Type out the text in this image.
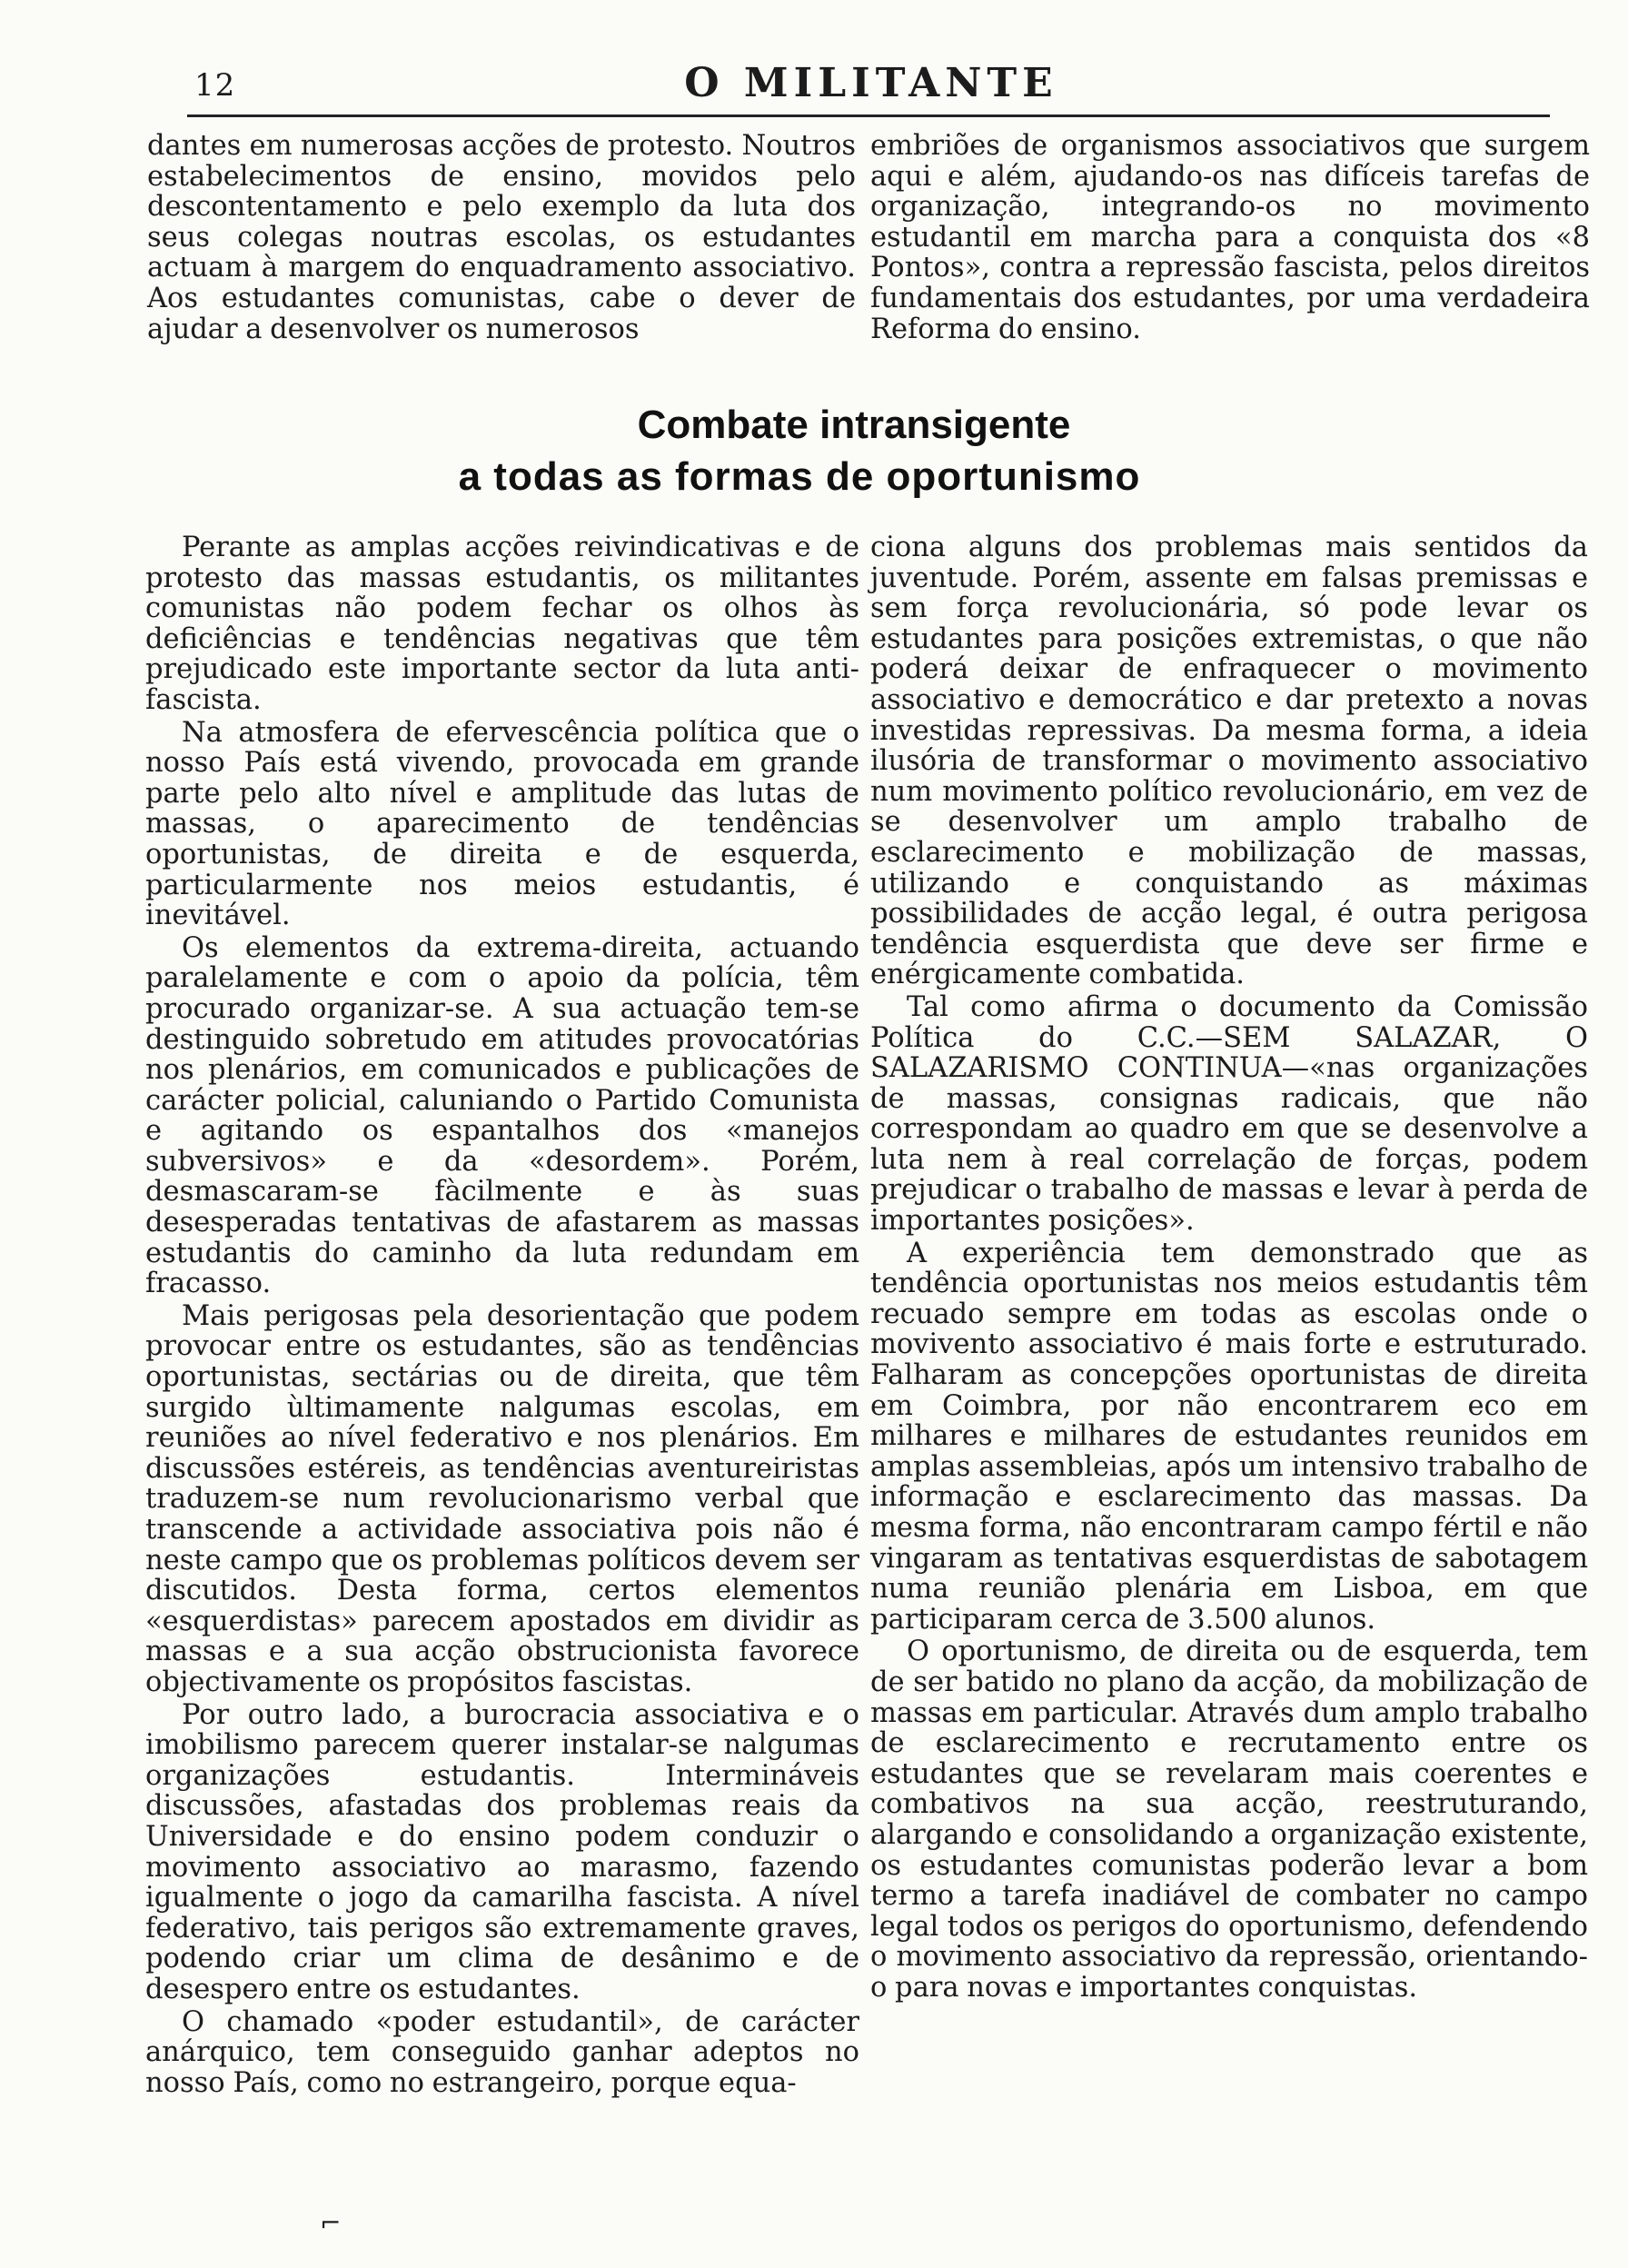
12	O MILITANTE

dantes em numerosas acções de protesto. Noutros estabelecimentos de ensino, movidos pelo descontentamento e pelo exemplo da luta dos seus colegas noutras escolas, os estudantes actuam à margem do enquadramento associativo. Aos estudantes comunistas, cabe o dever de ajudar a desenvolver os numerosos

embriões de organismos associativos que surgem aqui e além, ajudando-os nas difíceis tarefas de organização, integrando-os no movimento estudantil em marcha para a conquista dos «8 Pontos», contra a repressão fascista, pelos direitos fundamentais dos estudantes, por uma verdadeira Reforma do ensino.

Combate intransigente
a todas as formas de oportunismo

Perante as amplas acções reivindicativas e de protesto das massas estudantis, os militantes comunistas não podem fechar os olhos às deficiências e tendências negativas que têm prejudicado este importante sector da luta anti-fascista.

Na atmosfera de efervescência política que o nosso País está vivendo, provocada em grande parte pelo alto nível e amplitude das lutas de massas, o aparecimento de tendências oportunistas, de direita e de esquerda, particularmente nos meios estudantis, é inevitável.

Os elementos da extrema-direita, actuando paralelamente e com o apoio da polícia, têm procurado organizar-se. A sua actuação tem-se destinguido sobretudo em atitudes provocatórias nos plenários, em comunicados e publicações de carácter policial, caluniando o Partido Comunista e agitando os espantalhos dos «manejos subversivos» e da «desordem». Porém, desmascaram-se fàcilmente e às suas desesperadas tentativas de afastarem as massas estudantis do caminho da luta redundam em fracasso.

Mais perigosas pela desorientação que podem provocar entre os estudantes, são as tendências oportunistas, sectárias ou de direita, que têm surgido ùltimamente nalgumas escolas, em reuniões ao nível federativo e nos plenários. Em discussões estéreis, as tendências aventureiristas traduzem-se num revolucionarismo verbal que transcende a actividade associativa pois não é neste campo que os problemas políticos devem ser discutidos. Desta forma, certos elementos «esquerdistas» parecem apostados em dividir as massas e a sua acção obstrucionista favorece objectivamente os propósitos fascistas.

Por outro lado, a burocracia associativa e o imobilismo parecem querer instalar-se nalgumas organizações estudantis. Intermináveis discussões, afastadas dos problemas reais da Universidade e do ensino podem conduzir o movimento associativo ao marasmo, fazendo igualmente o jogo da camarilha fascista. A nível federativo, tais perigos são extremamente graves, podendo criar um clima de desânimo e de desespero entre os estudantes.

O chamado «poder estudantil», de carácter anárquico, tem conseguido ganhar adeptos no nosso País, como no estrangeiro, porque equa-

ciona alguns dos problemas mais sentidos da juventude. Porém, assente em falsas premissas e sem força revolucionária, só pode levar os estudantes para posições extremistas, o que não poderá deixar de enfraquecer o movimento associativo e democrático e dar pretexto a novas investidas repressivas. Da mesma forma, a ideia ilusória de transformar o movimento associativo num movimento político revolucionário, em vez de se desenvolver um amplo trabalho de esclarecimento e mobilização de massas, utilizando e conquistando as máximas possibilidades de acção legal, é outra perigosa tendência esquerdista que deve ser firme e enérgicamente combatida.

Tal como afirma o documento da Comissão Política do C.C.—SEM SALAZAR, O SALAZARISMO CONTINUA—«nas organizações de massas, consignas radicais, que não correspondam ao quadro em que se desenvolve a luta nem à real correlação de forças, podem prejudicar o trabalho de massas e levar à perda de importantes posições».

A experiência tem demonstrado que as tendência oportunistas nos meios estudantis têm recuado sempre em todas as escolas onde o movivento associativo é mais forte e estruturado. Falharam as concepções oportunistas de direita em Coimbra, por não encontrarem eco em milhares e milhares de estudantes reunidos em amplas assembleias, após um intensivo trabalho de informação e esclarecimento das massas. Da mesma forma, não encontraram campo fértil e não vingaram as tentativas esquerdistas de sabotagem numa reunião plenária em Lisboa, em que participaram cerca de 3.500 alunos.

O oportunismo, de direita ou de esquerda, tem de ser batido no plano da acção, da mobilização de massas em particular. Através dum amplo trabalho de esclarecimento e recrutamento entre os estudantes que se revelaram mais coerentes e combativos na sua acção, reestruturando, alargando e consolidando a organização existente, os estudantes comunistas poderão levar a bom termo a tarefa inadiável de combater no campo legal todos os perigos do oportunismo, defendendo o movimento associativo da repressão, orientando-o para novas e importantes conquistas.

⌐
